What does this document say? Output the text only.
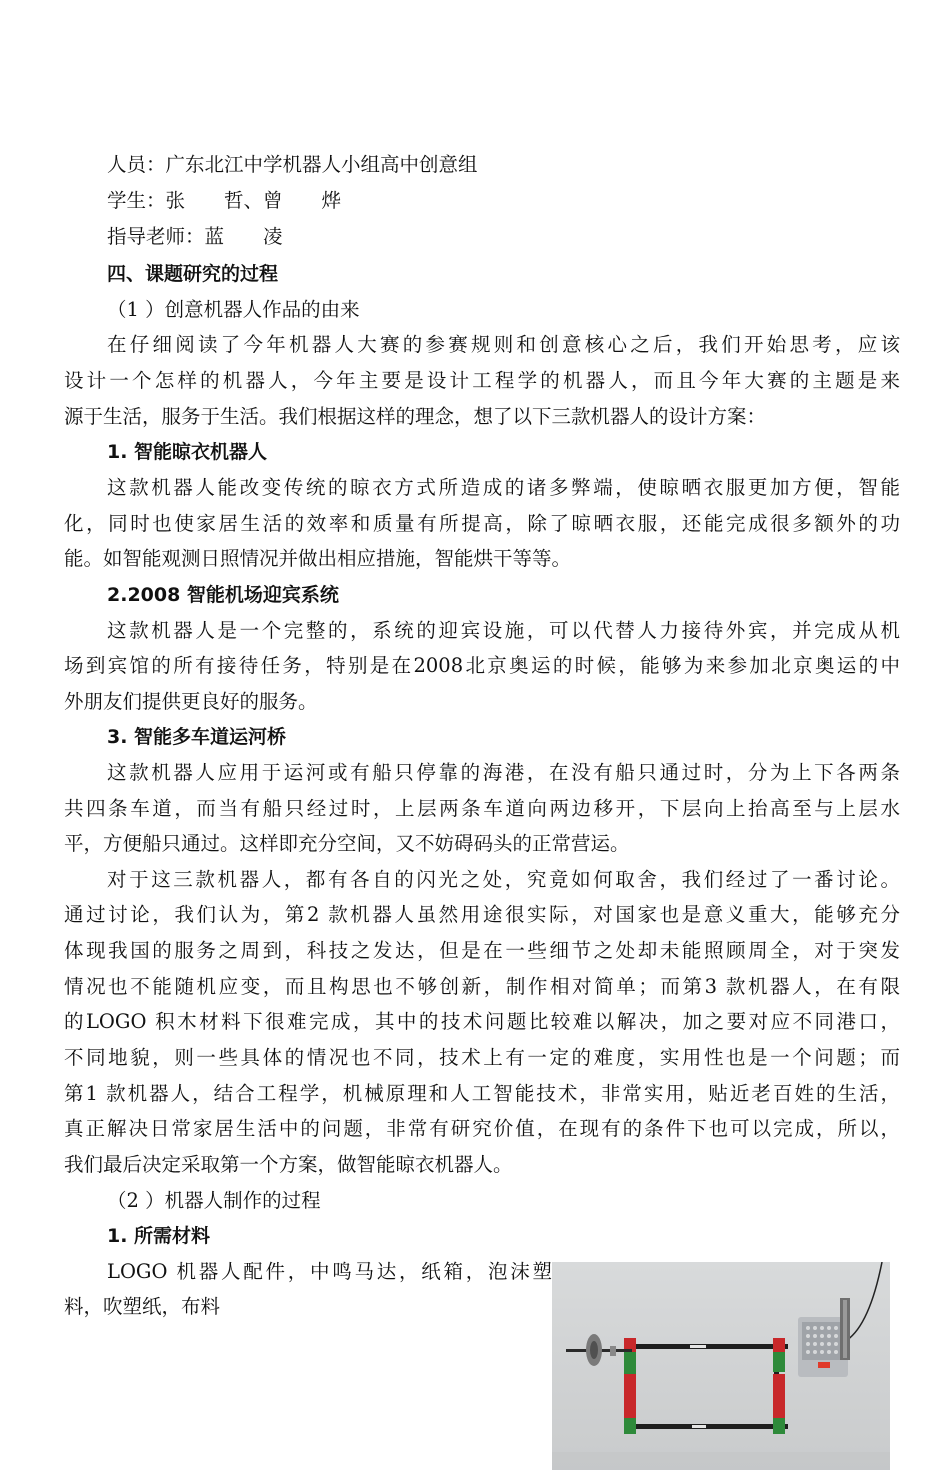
人员：广东北江中学机器人小组高中创意组
学生：张　　哲、曾　　烨
指导老师：蓝　　凌
四、课题研究的过程
（1 ）创意机器人作品的由来
在仔细阅读了今年机器人大赛的参赛规则和创意核心之后，我们开始思考，应该
设计一个怎样的机器人，今年主要是设计工程学的机器人，而且今年大赛的主题是来
源于生活，服务于生活。我们根据这样的理念，想了以下三款机器人的设计方案：
1. 智能晾衣机器人
这款机器人能改变传统的晾衣方式所造成的诸多弊端，使晾晒衣服更加方便，智能
化，同时也使家居生活的效率和质量有所提高，除了晾晒衣服，还能完成很多额外的功
能。如智能观测日照情况并做出相应措施，智能烘干等等。
2.2008 智能机场迎宾系统
这款机器人是一个完整的，系统的迎宾设施，可以代替人力接待外宾，并完成从机
场到宾馆的所有接待任务，特别是在2008北京奥运的时候，能够为来参加北京奥运的中
外朋友们提供更良好的服务。
3. 智能多车道运河桥
这款机器人应用于运河或有船只停靠的海港，在没有船只通过时，分为上下各两条
共四条车道，而当有船只经过时，上层两条车道向两边移开，下层向上抬高至与上层水
平，方便船只通过。这样即充分空间，又不妨碍码头的正常营运。
对于这三款机器人，都有各自的闪光之处，究竟如何取舍，我们经过了一番讨论。
通过讨论，我们认为，第2 款机器人虽然用途很实际，对国家也是意义重大，能够充分
体现我国的服务之周到，科技之发达，但是在一些细节之处却未能照顾周全，对于突发
情况也不能随机应变，而且构思也不够创新，制作相对简单；而第3 款机器人，在有限
的LOGO 积木材料下很难完成，其中的技术问题比较难以解决，加之要对应不同港口，
不同地貌，则一些具体的情况也不同，技术上有一定的难度，实用性也是一个问题；而
第1 款机器人，结合工程学，机械原理和人工智能技术，非常实用，贴近老百姓的生活，
真正解决日常家居生活中的问题，非常有研究价值，在现有的条件下也可以完成，所以，
我们最后决定采取第一个方案，做智能晾衣机器人。
（2 ）机器人制作的过程
1. 所需材料
LOGO 机器人配件，中鸣马达，纸箱，泡沫塑
料，吹塑纸，布料
